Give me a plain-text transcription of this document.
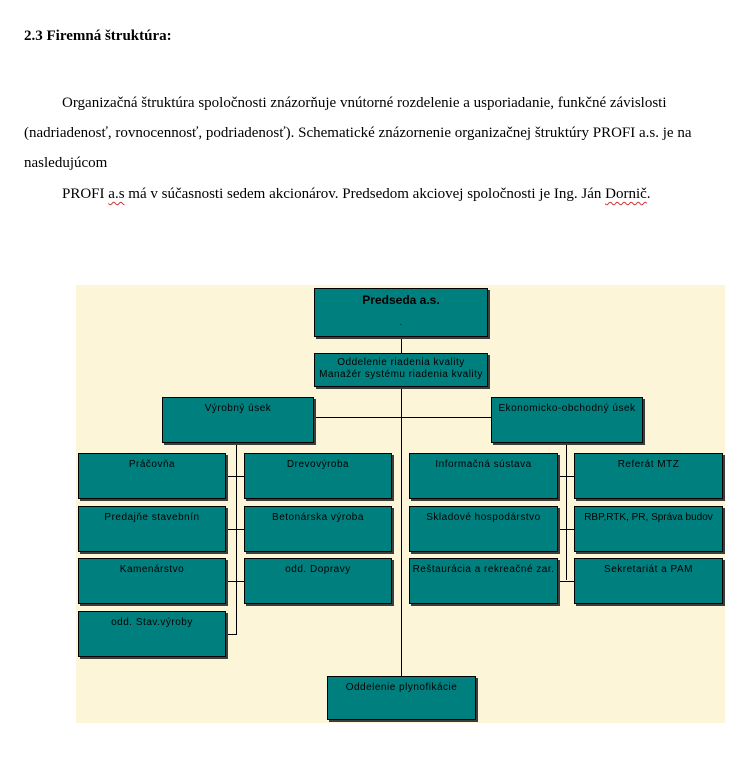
2.3 Firemná štruktúra:

Organizačná štruktúra spoločnosti znázorňuje vnútorné rozdelenie a usporiadanie, funkčné závislosti (nadriadenosť, rovnocennosť, podriadenosť). Schematické znázornenie organizačnej štruktúry PROFI a.s. je na nasledujúcom

PROFI a.s má v súčasnosti sedem akcionárov. Predsedom akciovej spoločnosti je Ing. Ján Dornič.

Predseda a.s.
.
Oddelenie riadenia kvality
Manažér systému riadenia kvality
Výrobný úsek	Ekonomicko-obchodný úsek
Práčovňa
Predajňe stavebnín
Kamenárstvo
odd. Stav.výroby
Drevovýroba
Betonárska výroba
odd. Dopravy
Informačná sústava
Skladové hospodárstvo
Reštaurácia a rekreačné zar.
Referát MTZ
RBP,RTK, PR, Správa budov
Sekretariát a PAM
Oddelenie plynofikácie
